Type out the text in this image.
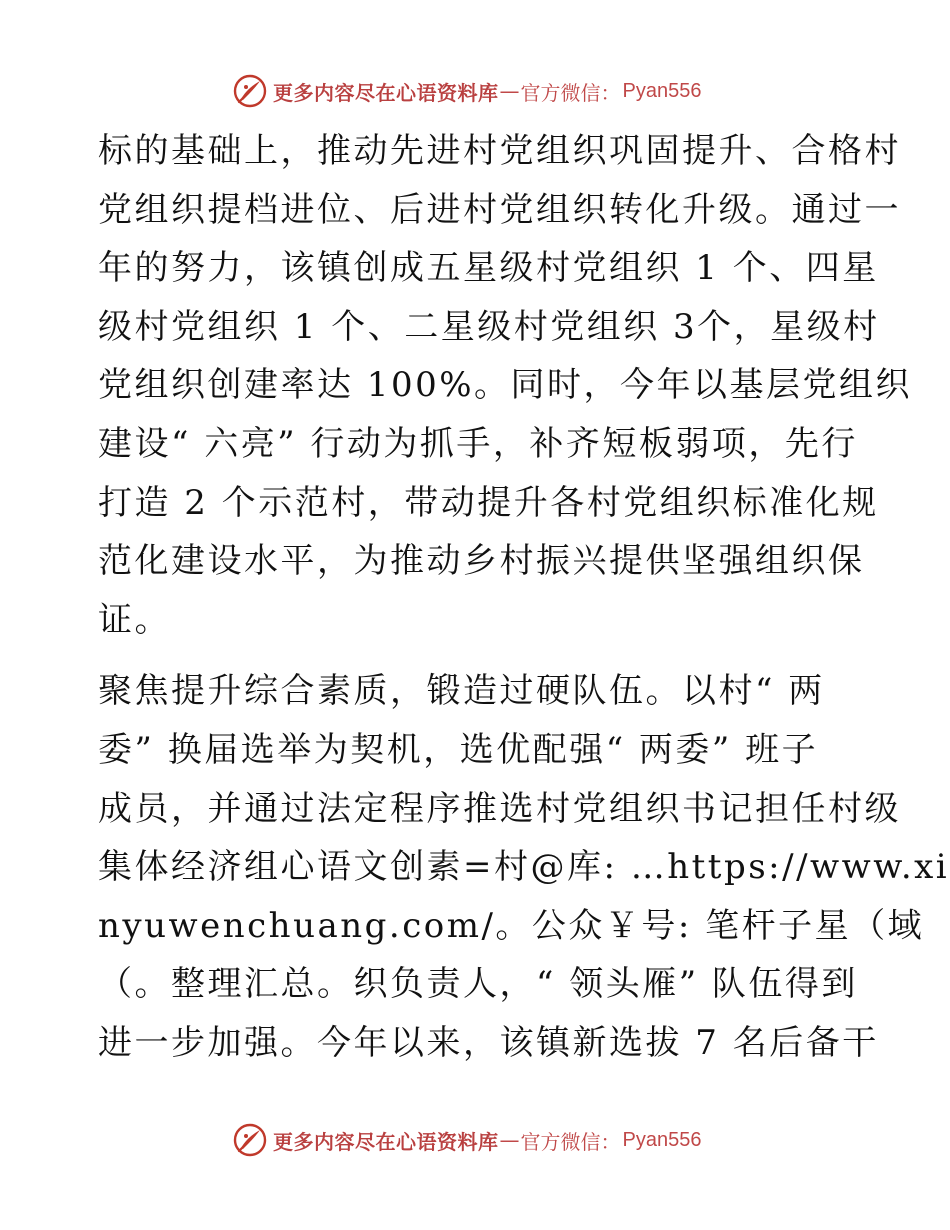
更多内容尽在心语资料库 — 官方微信： Pyan556
标的基础上，推动先进村党组织巩固提升、合格村
党组织提档进位、后进村党组织转化升级。通过一
年的努力，该镇创成五星级村党组织 1 个、四星
级村党组织 1 个、二星级村党组织 3个，星级村
党组织创建率达 100%。同时，今年以基层党组织
建设“ 六亮” 行动为抓手，补齐短板弱项，先行
打造 2 个示范村，带动提升各村党组织标准化规
范化建设水平，为推动乡村振兴提供坚强组织保
证。
聚焦提升综合素质，锻造过硬队伍。以村“ 两
委” 换届选举为契机，选优配强“ 两委” 班子
成员，并通过法定程序推选村党组织书记担任村级
集体经济组心语文创素=村@库: …https://www.xi
nyuwenchuang.com/。公众￥号: 笔杆子星（域
（。整理汇总。织负责人，“ 领头雁” 队伍得到
进一步加强。今年以来，该镇新选拔 7 名后备干
更多内容尽在心语资料库 — 官方微信： Pyan556
